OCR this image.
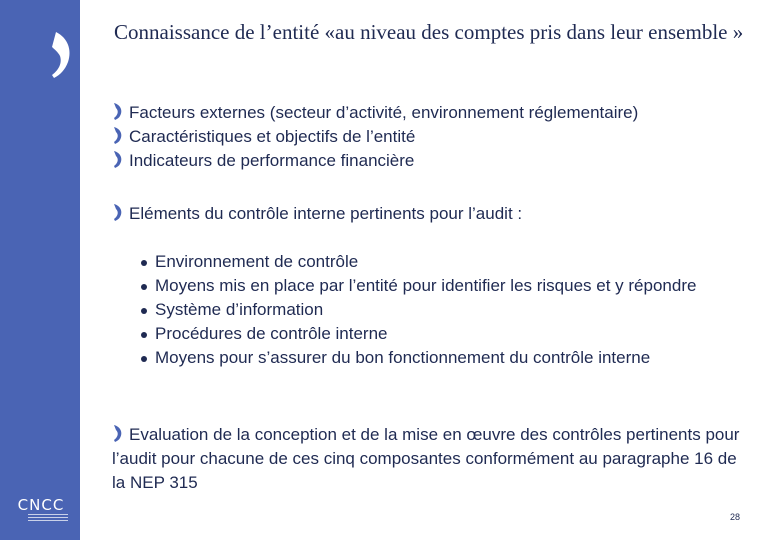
CNCC
Connaissance de l’entité «au niveau des comptes pris dans leur ensemble »
Facteurs externes (secteur d’activité, environnement réglementaire)
Caractéristiques et objectifs de l’entité
Indicateurs de performance financière
Eléments du contrôle interne pertinents pour l’audit :
Environnement de contrôle
Moyens mis en place par l’entité pour identifier les risques et y répondre
Système d’information
Procédures de contrôle interne
Moyens pour s’assurer du bon fonctionnement du contrôle interne
Evaluation de la conception et de la mise en œuvre des contrôles pertinents pour l’audit pour chacune de ces cinq composantes conformément au paragraphe 16 de la NEP 315
28
